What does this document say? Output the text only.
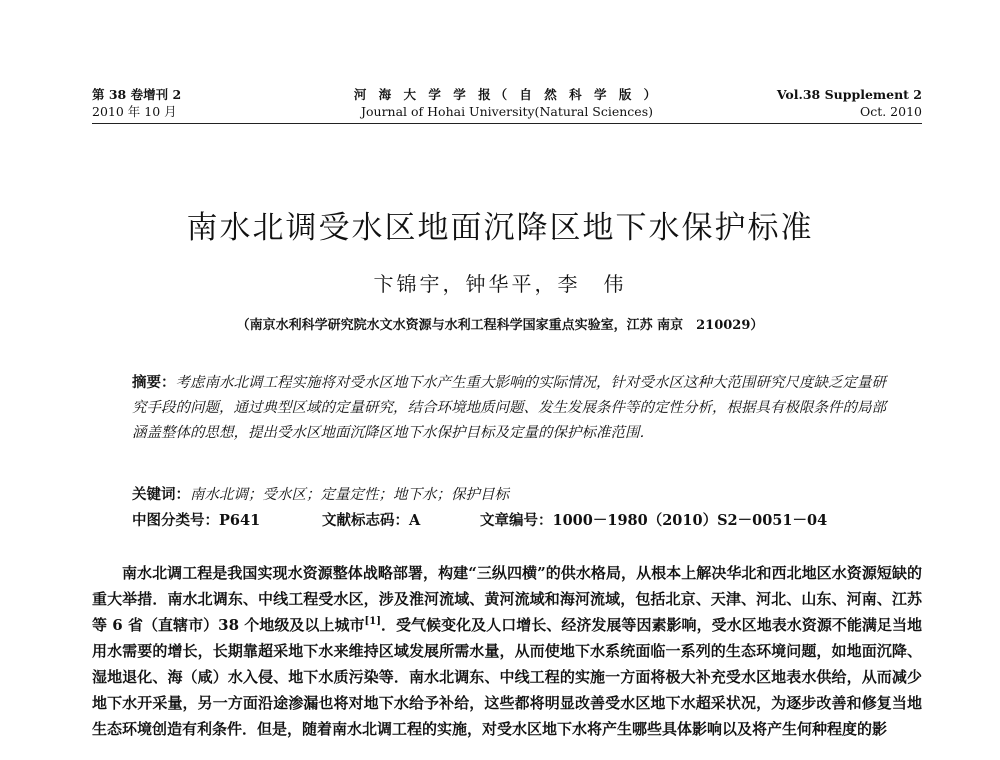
河 海 大 学 学 报（ 自 然 科 学 版 ）
Journal of Hohai University(Natural Sciences)
第 38 卷增刊 2
2010 年 10 月
Vol.38 Supplement 2
Oct. 2010
南水北调受水区地面沉降区地下水保护标准
卞锦宇，钟华平，李　伟
（南京水利科学研究院水文水资源与水利工程科学国家重点实验室，江苏 南京　210029）
摘要：考虑南水北调工程实施将对受水区地下水产生重大影响的实际情况，针对受水区这种大范围研究尺度缺乏定量研究手段的问题，通过典型区域的定量研究，结合环境地质问题、发生发展条件等的定性分析，根据具有极限条件的局部涵盖整体的思想，提出受水区地面沉降区地下水保护目标及定量的保护标准范围．
关键词：南水北调；受水区；定量定性；地下水；保护目标
中图分类号：P641	文献标志码：A	文章编号：1000－1980（2010）S2－0051－04
南水北调工程是我国实现水资源整体战略部署，构建“三纵四横”的供水格局，从根本上解决华北和西北地区水资源短缺的重大举措．南水北调东、中线工程受水区，涉及淮河流域、黄河流域和海河流域，包括北京、天津、河北、山东、河南、江苏等 6 省（直辖市）38 个地级及以上城市[1]．受气候变化及人口增长、经济发展等因素影响，受水区地表水资源不能满足当地用水需要的增长，长期靠超采地下水来维持区域发展所需水量，从而使地下水系统面临一系列的生态环境问题，如地面沉降、湿地退化、海（咸）水入侵、地下水质污染等．南水北调东、中线工程的实施一方面将极大补充受水区地表水供给，从而减少地下水开采量，另一方面沿途渗漏也将对地下水给予补给，这些都将明显改善受水区地下水超采状况，为逐步改善和修复当地生态环境创造有利条件．但是，随着南水北调工程的实施，对受水区地下水将产生哪些具体影响以及将产生何种程度的影
